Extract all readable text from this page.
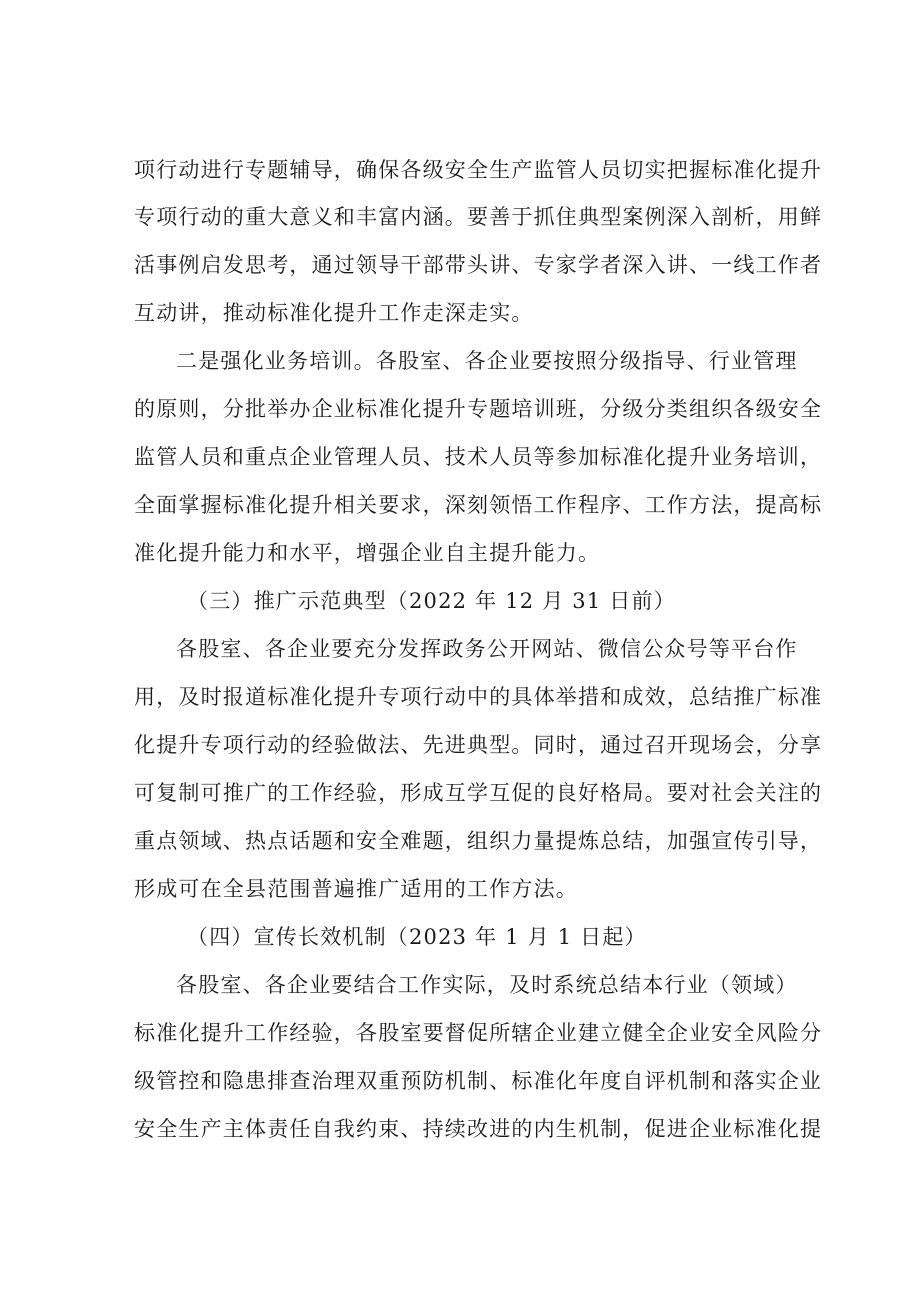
项行动进行专题辅导，确保各级安全生产监管人员切实把握标准化提升
专项行动的重大意义和丰富内涵。要善于抓住典型案例深入剖析，用鲜
活事例启发思考，通过领导干部带头讲、专家学者深入讲、一线工作者
互动讲，推动标准化提升工作走深走实。
二是强化业务培训。各股室、各企业要按照分级指导、行业管理
的原则，分批举办企业标准化提升专题培训班，分级分类组织各级安全
监管人员和重点企业管理人员、技术人员等参加标准化提升业务培训，
全面掌握标准化提升相关要求，深刻领悟工作程序、工作方法，提高标
准化提升能力和水平，增强企业自主提升能力。
（三）推广示范典型（2022 年 12 月 31 日前）
各股室、各企业要充分发挥政务公开网站、微信公众号等平台作
用，及时报道标准化提升专项行动中的具体举措和成效，总结推广标准
化提升专项行动的经验做法、先进典型。同时，通过召开现场会，分享
可复制可推广的工作经验，形成互学互促的良好格局。要对社会关注的
重点领域、热点话题和安全难题，组织力量提炼总结，加强宣传引导，
形成可在全县范围普遍推广适用的工作方法。
（四）宣传长效机制（2023 年 1 月 1 日起）
各股室、各企业要结合工作实际，及时系统总结本行业（领域）
标准化提升工作经验，各股室要督促所辖企业建立健全企业安全风险分
级管控和隐患排查治理双重预防机制、标准化年度自评机制和落实企业
安全生产主体责任自我约束、持续改进的内生机制，促进企业标准化提
